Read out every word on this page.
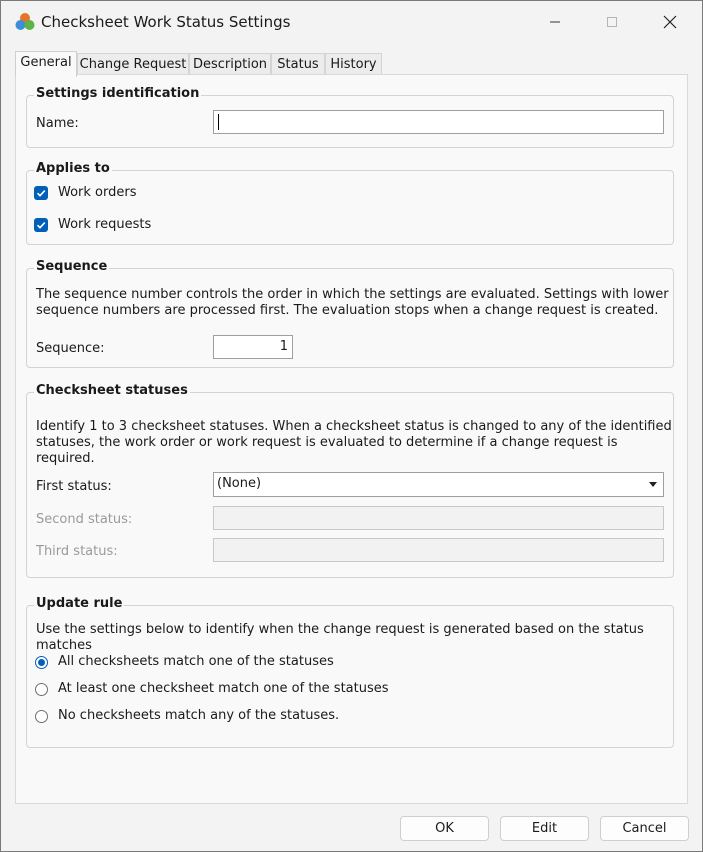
Checksheet Work Status Settings
General Change Request Description Status History
Settings identification
Name:
Applies to
Work orders
Work requests
Sequence
The sequence number controls the order in which the settings are evaluated. Settings with lower
sequence numbers are processed first. The evaluation stops when a change request is created.
Sequence:	1
Checksheet statuses
Identify 1 to 3 checksheet statuses. When a checksheet status is changed to any of the identified
statuses, the work order or work request is evaluated to determine if a change request is required.
First status:	(None)
Second status:
Third status:
Update rule
Use the settings below to identify when the change request is generated based on the status matches
All checksheets match one of the statuses
At least one checksheet match one of the statuses
No checksheets match any of the statuses.
OK	Edit	Cancel
